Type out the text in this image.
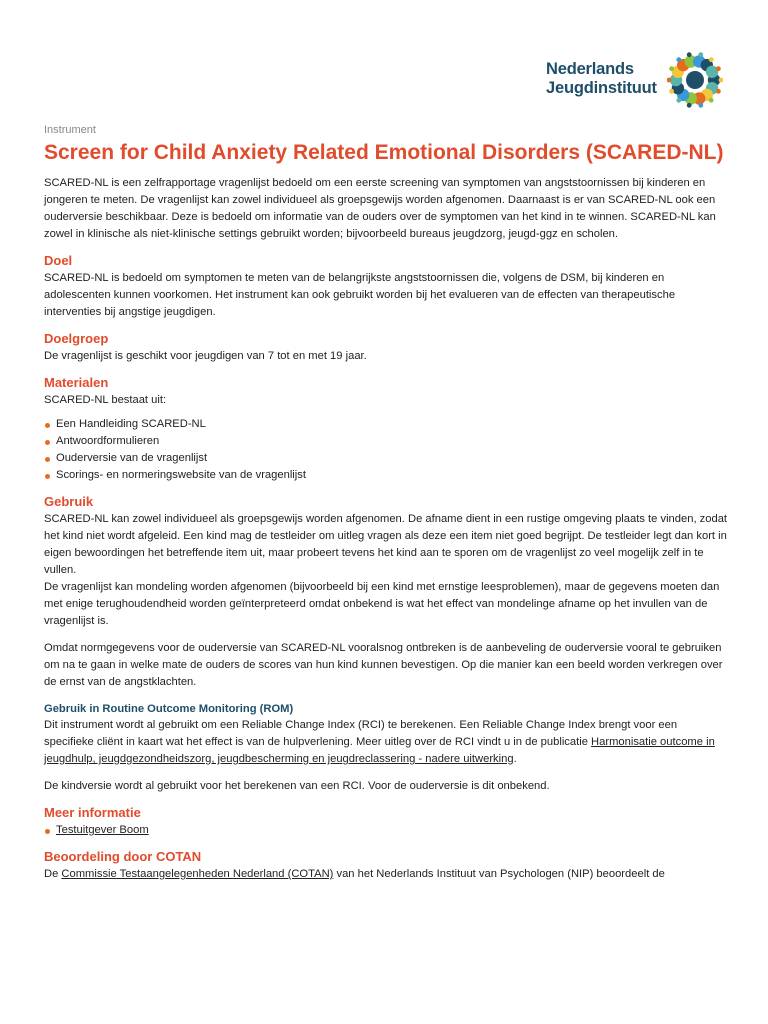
Nederlands
Jeugdinstituut
Instrument
Screen for Child Anxiety Related Emotional Disorders (SCARED-NL)

SCARED-NL is een zelfrapportage vragenlijst bedoeld om een eerste screening van symptomen van angststoornissen bij kinderen en jongeren te meten. De vragenlijst kan zowel individueel als groepsgewijs worden afgenomen. Daarnaast is er van SCARED-NL ook een ouderversie beschikbaar. Deze is bedoeld om informatie van de ouders over de symptomen van het kind in te winnen. SCARED-NL kan zowel in klinische als niet-klinische settings gebruikt worden; bijvoorbeeld bureaus jeugdzorg, jeugd-ggz en scholen.

Doel

SCARED-NL is bedoeld om symptomen te meten van de belangrijkste angststoornissen die, volgens de DSM, bij kinderen en adolescenten kunnen voorkomen. Het instrument kan ook gebruikt worden bij het evalueren van de effecten van therapeutische interventies bij angstige jeugdigen.

Doelgroep

De vragenlijst is geschikt voor jeugdigen van 7 tot en met 19 jaar.

Materialen

SCARED-NL bestaat uit:

Een Handleiding SCARED-NL
Antwoordformulieren
Ouderversie van de vragenlijst
Scorings- en normeringswebsite van de vragenlijst
Gebruik

SCARED-NL kan zowel individueel als groepsgewijs worden afgenomen. De afname dient in een rustige omgeving plaats te vinden, zodat het kind niet wordt afgeleid. Een kind mag de testleider om uitleg vragen als deze een item niet goed begrijpt. De testleider legt dan kort in eigen bewoordingen het betreffende item uit, maar probeert tevens het kind aan te sporen om de vragenlijst zo veel mogelijk zelf in te vullen.

De vragenlijst kan mondeling worden afgenomen (bijvoorbeeld bij een kind met ernstige leesproblemen), maar de gegevens moeten dan met enige terughoudendheid worden geïnterpreteerd omdat onbekend is wat het effect van mondelinge afname op het invullen van de vragenlijst is.

Omdat normgegevens voor de ouderversie van SCARED-NL vooralsnog ontbreken is de aanbeveling de ouderversie vooral te gebruiken om na te gaan in welke mate de ouders de scores van hun kind kunnen bevestigen. Op die manier kan een beeld worden verkregen over de ernst van de angstklachten.

Gebruik in Routine Outcome Monitoring (ROM)

Dit instrument wordt al gebruikt om een Reliable Change Index (RCI) te berekenen. Een Reliable Change Index brengt voor een specifieke cliënt in kaart wat het effect is van de hulpverlening. Meer uitleg over de RCI vindt u in de publicatie Harmonisatie outcome in jeugdhulp, jeugdgezondheidszorg, jeugdbescherming en jeugdreclassering - nadere uitwerking.

De kindversie wordt al gebruikt voor het berekenen van een RCI. Voor de ouderversie is dit onbekend.

Meer informatie
Testuitgever Boom
Beoordeling door COTAN

De Commissie Testaangelegenheden Nederland (COTAN) van het Nederlands Instituut van Psychologen (NIP) beoordeelt de
